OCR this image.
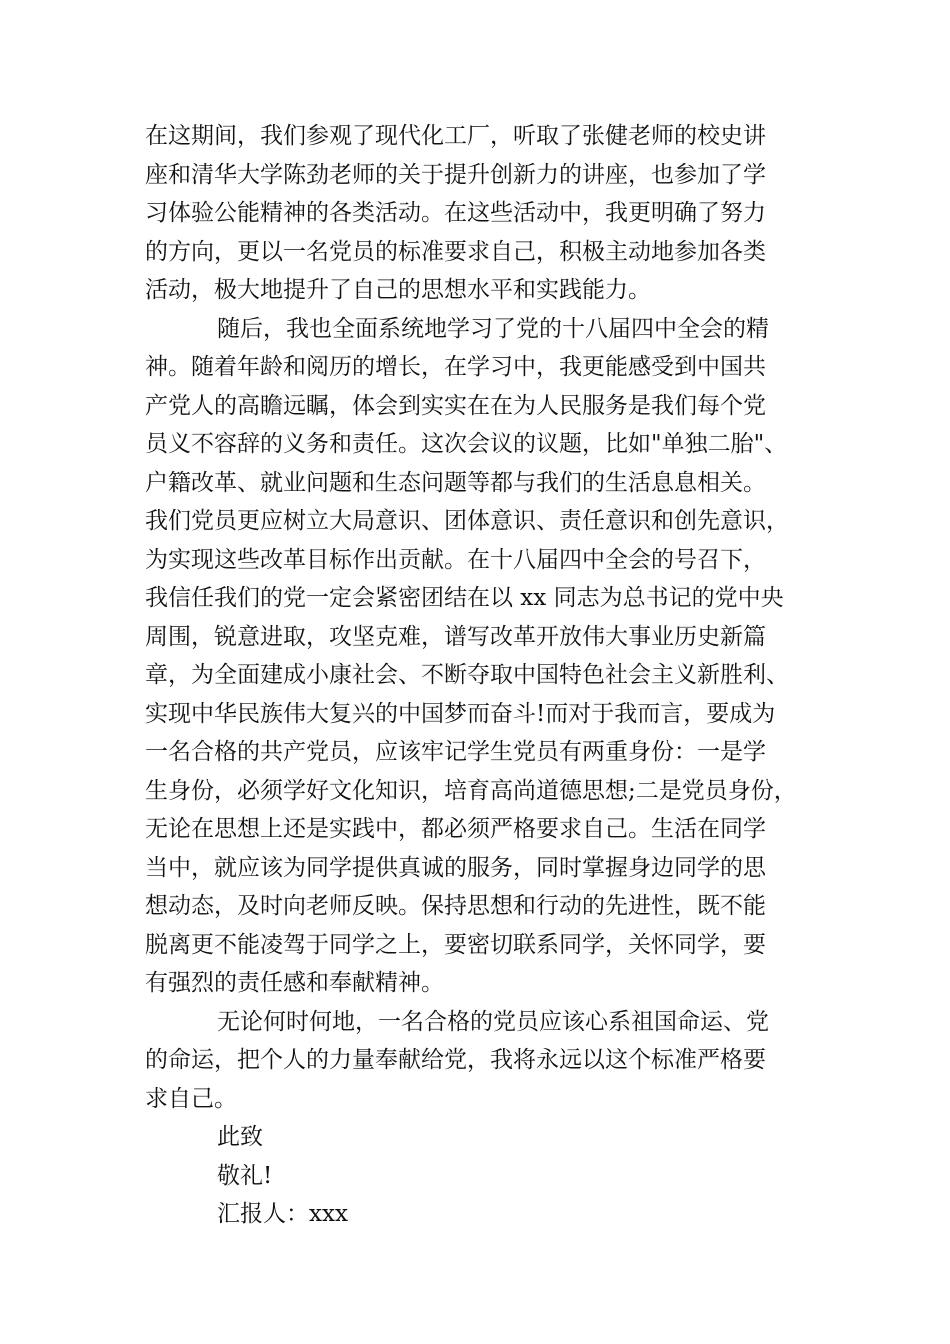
在这期间，我们参观了现代化工厂，听取了张健老师的校史讲
座和清华大学陈劲老师的关于提升创新力的讲座，也参加了学
习体验公能精神的各类活动。在这些活动中，我更明确了努力
的方向，更以一名党员的标准要求自己，积极主动地参加各类
活动，极大地提升了自己的思想水平和实践能力。
随后，我也全面系统地学习了党的十八届四中全会的精
神。随着年龄和阅历的增长，在学习中，我更能感受到中国共
产党人的高瞻远瞩，体会到实实在在为人民服务是我们每个党
员义不容辞的义务和责任。这次会议的议题，比如"单独二胎"、
户籍改革、就业问题和生态问题等都与我们的生活息息相关。
我们党员更应树立大局意识、团体意识、责任意识和创先意识，
为实现这些改革目标作出贡献。在十八届四中全会的号召下，
我信任我们的党一定会紧密团结在以 xx 同志为总书记的党中央
周围，锐意进取，攻坚克难，谱写改革开放伟大事业历史新篇
章，为全面建成小康社会、不断夺取中国特色社会主义新胜利、
实现中华民族伟大复兴的中国梦而奋斗!而对于我而言，要成为
一名合格的共产党员，应该牢记学生党员有两重身份：一是学
生身份，必须学好文化知识，培育高尚道德思想;二是党员身份，
无论在思想上还是实践中，都必须严格要求自己。生活在同学
当中，就应该为同学提供真诚的服务，同时掌握身边同学的思
想动态，及时向老师反映。保持思想和行动的先进性，既不能
脱离更不能凌驾于同学之上，要密切联系同学，关怀同学，要
有强烈的责任感和奉献精神。
无论何时何地，一名合格的党员应该心系祖国命运、党
的命运，把个人的力量奉献给党，我将永远以这个标准严格要
求自己。
此致
敬礼!
汇报人：xxx
